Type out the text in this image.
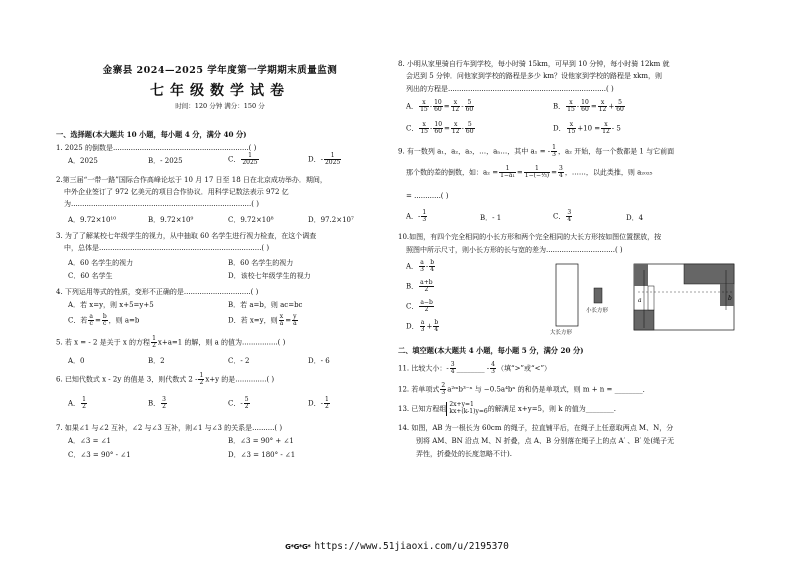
金寨县 2024—2025 学年度第一学期期末质量监测
七年级数学试卷
时间：120 分钟 满分：150 分
一、选择题(本大题共 10 小题，每小题 4 分，满分 40 分)
1. 2025 的倒数是.............................................................( )
A．2025	B．- 2025	C． $\frac{1}{2025}$	D．- $\frac{1}{2025}$
2.第三届“一带一路”国际合作高峰论坛于 10 月 17 日至 18 日在北京成功举办．期间，
中外企业签订了 972 亿美元的项目合作协议．用科学记数法表示 972 亿
为.................................................................................( )
A．9.72×10¹⁰	B．9.72×10⁹	C．9.72×10⁸	D．97.2×10⁷
3. 为了了解某校七年级学生的视力，从中抽取 60 名学生进行视力检查，在这个调查
中，总体是.........................................................................( )
A．60 名学生的视力	B．60 名学生的视力
C．60 名学生	D．该校七年级学生的视力
4. 下列运用等式的性质，变形不正确的是..............................( )
A．若 x=y，则 x+5=y+5	B．若 a=b，则 ac=bc
C．若 $\frac{a}{c} = \frac{b}{c}$ ，则 a=b	D．若 x=y，则 $\frac{x}{a} = \frac{y}{a}$
5. 若 x = - 2 是关于 x 的方程 $\frac{1}{2} x+a=1$ 的解，则 a 的值为................( )
A．0	B．2	C．- 2	D．- 6
6. 已知代数式 x - 2y 的值是 3，则代数式 $2 - \frac{1}{2} x+y$ 的是..............( )
A． $\frac{1}{2}$	B． $\frac{3}{2}$	C．- $\frac{5}{2}$	D．- $\frac{1}{2}$
7. 如果∠1 与∠2 互补，∠2 与∠3 互补，则∠1 与∠3 的关系是..........( )
A．∠3 = ∠1	B．∠3 = 90° + ∠1
C．∠3 = 90° - ∠1	D．∠3 = 180° - ∠1
8. 小明从家里骑自行车到学校，每小时骑 15km，可早到 10 分钟，每小时骑 12km 就
会迟到 5 分钟．问他家到学校的路程是多少 km？设他家到学校的路程是 xkm，则
列出的方程是.......................................................................( )
A． $\frac{x}{15} - \frac{10}{60} = \frac{x}{12} - \frac{5}{60}$	B． $\frac{x}{15} - \frac{10}{60} = \frac{x}{12} + \frac{5}{60}$
C． $\frac{x}{15} - \frac{10}{60} = \frac{x}{12} - \frac{5}{60}$	D． $\frac{x}{15} +10 = \frac{x}{12} - 5$
9. 有一数列 a₁，a₂，a₃，…，aₙ…，其中 a₁ = - $\frac{1}{3}$ ，a₂ 开始，每一个数都是 1 与它前面
那个数的差的倒数，如：$a_2 = \frac{1}{\text{1−a₁}} = \frac{1}{\text{1−(−⅓)}} = \frac{3}{4}$ ，……，以此类推，则 a₂₀₂₅
= ............( )
A．- $\frac{1}{3}$	B．- 1	C． $\frac{3}{4}$	D．4
10.如图，有四个完全相同的小长方形和两个完全相同的大长方形按如图位置摆放，按
照图中所示尺寸，则小长方形的长与宽的差为...............................( )
A． $\frac{a}{3} - \frac{b}{4}$
B． $\frac{a+b}{2}$
C． $\frac{a-b}{2}$
D． $\frac{a}{3} + \frac{b}{4}$	大长方形
小长方形
a	b
二、填空题(本大题共 4 小题，每小题 5 分，满分 20 分)
11. 比较大小：- $\frac{3}{4}$ ________ - $\frac{4}{3}$ （填“>”或“<”）
12. 若单项式 $\frac{2}{3}$ a²ᵐb³⁻ⁿ 与 −0.5a⁴bⁿ 的和仍是单项式，则 m + n = ________．
13. 已知方程组
2x+y=1
kx+(k-1)y=6 的解满足 x+y=5，则 k 的值为________.
14. 如图，AB 为一根长为 60cm 的绳子，拉直铺平后，在绳子上任意取两点 M、N，分
别将 AM、BN 沿点 M、N 折叠，点 A、B 分别落在绳子上的点 A′ 、B′ 处(绳子无
弄性，折叠处的长度忽略不计).
G*G*G* https://www.51jiaoxi.com/u/2195370
